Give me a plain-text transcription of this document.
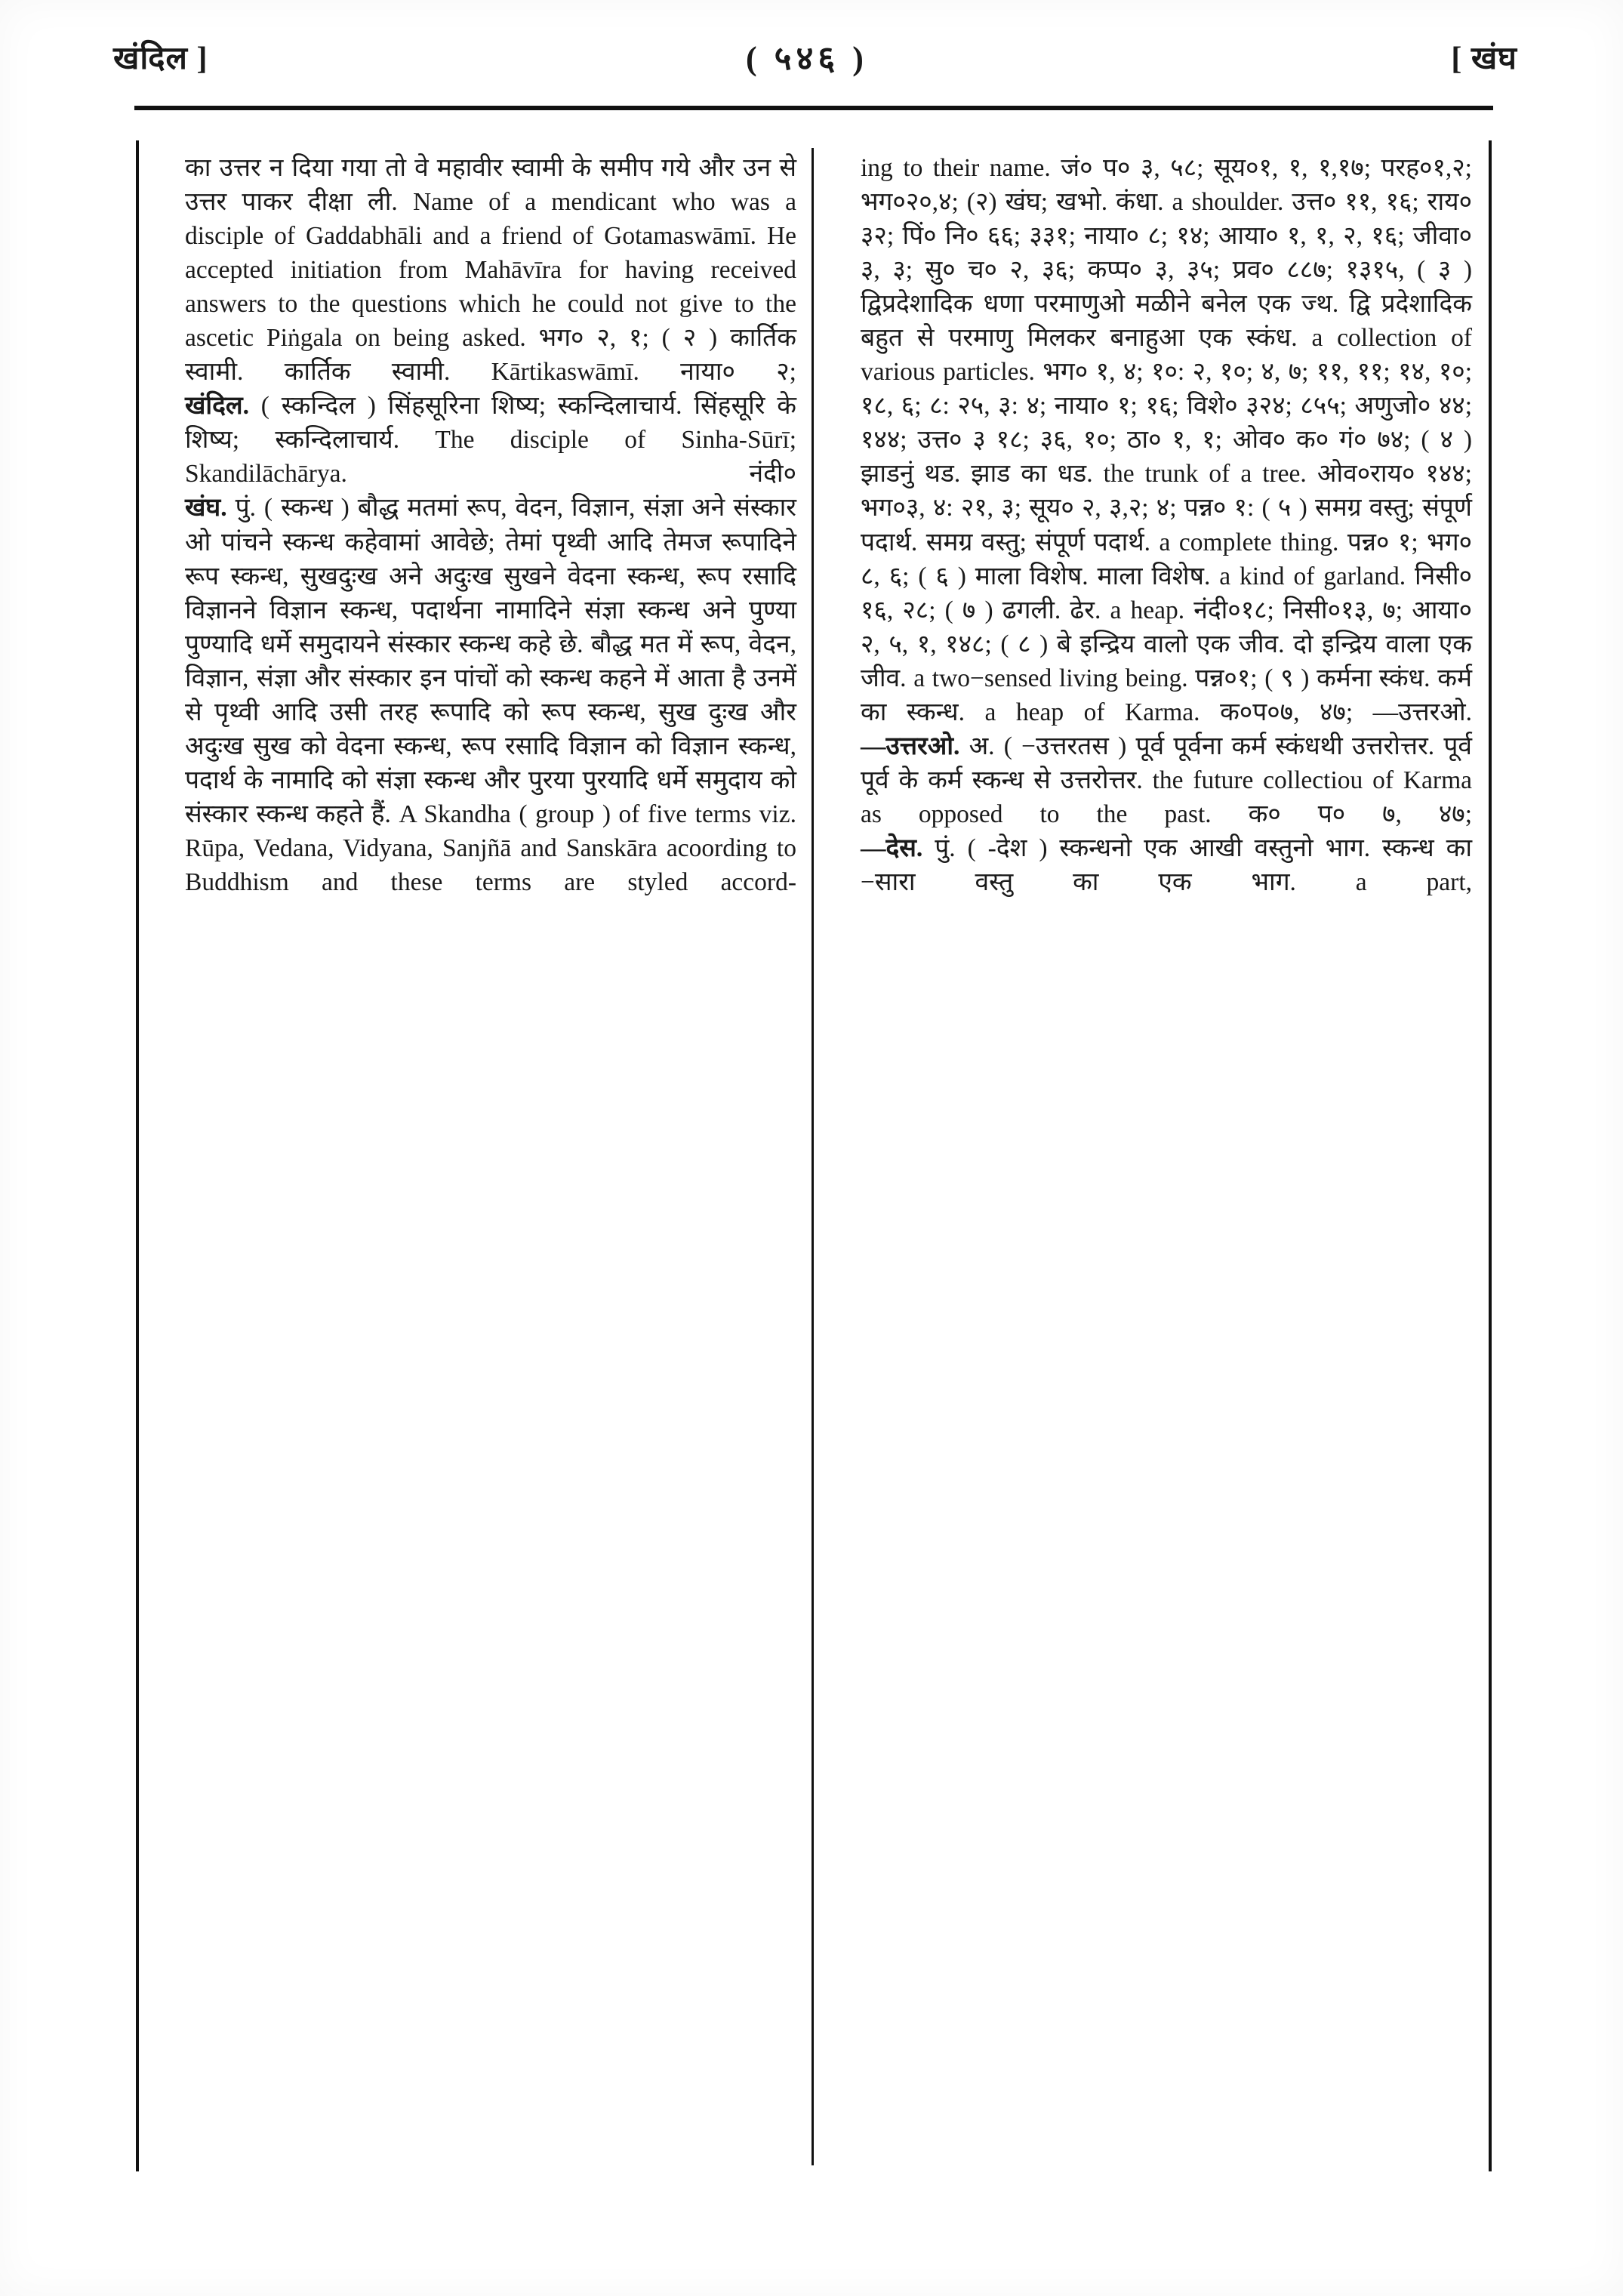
खंदिल ]	( ५४६ )	[ खंघ

का उत्तर न दिया गया तो वे महावीर स्वामी के समीप गये और उन से उत्तर पाकर दीक्षा ली. Name of a mendicant who was a disciple of Gaddabhāli and a friend of Gotamaswāmī. He accepted initiation from Mahāvīra for having received answers to the questions which he could not give to the ascetic Piṅgala on being asked. भग० २, १; ( २ ) कार्तिक स्वामी. कार्तिक स्वामी. Kārtikaswāmī. नाया० २;

खंदिल. ( स्कन्दिल ) सिंहसूरिना शिष्य; स्कन्दिलाचार्य. सिंहसूरि के शिष्य; स्कन्दिलाचार्य. The disciple of Sinha-Sūrī; Skandilāchārya. नंदी०

खंघ. पुं. ( स्कन्ध ) बौद्ध मतमां रूप, वेदन, विज्ञान, संज्ञा अने संस्कार ओ पांचने स्कन्ध कहेवामां आवेछे; तेमां पृथ्वी आदि तेमज रूपादिने रूप स्कन्ध, सुखदुःख अने अदुःख सुखने वेदना स्कन्ध, रूप रसादि विज्ञानने विज्ञान स्कन्ध, पदार्थना नामादिने संज्ञा स्कन्ध अने पुण्या पुण्यादि धर्मे समुदायने संस्कार स्कन्ध कहे छे. बौद्ध मत में रूप, वेदन, विज्ञान, संज्ञा और संस्कार इन पांचों को स्कन्ध कहने में आता है उनमें से पृथ्वी आदि उसी तरह रूपादि को रूप स्कन्ध, सुख दुःख और अदुःख सुख को वेदना स्कन्ध, रूप रसादि विज्ञान को विज्ञान स्कन्ध, पदार्थ के नामादि को संज्ञा स्कन्ध और पुरया पुरयादि धर्मे समुदाय को संस्कार स्कन्ध कहते हैं. A Skandha ( group ) of five terms viz. Rūpa, Vedana, Vidyana, Sanjñā and Sanskāra acoording to Buddhism and these terms are styled accord-

ing to their name. जं० प० ३, ५८; सूय०१, १, १,१७; परह०१,२; भग०२०,४; (२) खंघ; खभो. कंधा. a shoulder. उत्त० ११, १६; राय० ३२; पिं० नि० ६६; ३३१; नाया० ८; १४; आया० १, १, २, १६; जीवा० ३, ३; सु० च० २, ३६; कप्प० ३, ३५; प्रव० ८८७; १३१५, ( ३ ) द्विप्रदेशादिक धणा परमाणुओ मळीने बनेल एक ज्थ. द्वि प्रदेशादिक बहुत से परमाणु मिलकर बनाहुआ एक स्कंध. a collection of various particles. भग० १, ४; १०: २, १०; ४, ७; ११, ११; १४, १०; १८, ६; ८: २५, ३: ४; नाया० १; १६; विशे० ३२४; ८५५; अणुजो० ४४; १४४; उत्त० ३ १८; ३६, १०; ठा० १, १; ओव० क० गं० ७४; ( ४ ) झाडनुं थड. झाड का धड. the trunk of a tree. ओव०राय० १४४; भग०३, ४: २१, ३; सूय० २, ३,२; ४; पन्न० १: ( ५ ) समग्र वस्तु; संपूर्ण पदार्थ. समग्र वस्तु; संपूर्ण पदार्थ. a complete thing. पन्न० १; भग० ८, ६; ( ६ ) माला विशेष. माला विशेष. a kind of garland. निसी० १६, २८; ( ७ ) ढगली. ढेर. a heap. नंदी०१८; निसी०१३, ७; आया० २, ५, १, १४८; ( ८ ) बे इन्द्रिय वालो एक जीव. दो इन्द्रिय वाला एक जीव. a two−sensed living being. पन्न०१; ( ९ ) कर्मना स्कंध. कर्म का स्कन्ध. a heap of Karma. क०प०७, ४७; —उत्तरओ.

—उत्तरओ. अ. ( −उत्तरतस ) पूर्व पूर्वना कर्म स्कंधथी उत्तरोत्तर. पूर्व पूर्व के कर्म स्कन्ध से उत्तरोत्तर. the future collectiou of Karma as opposed to the past. क० प० ७, ४७;

—देस. पुं. ( -देश ) स्कन्धनो एक आखी वस्तुनो भाग. स्कन्ध का −सारा वस्तु का एक भाग. a part,
